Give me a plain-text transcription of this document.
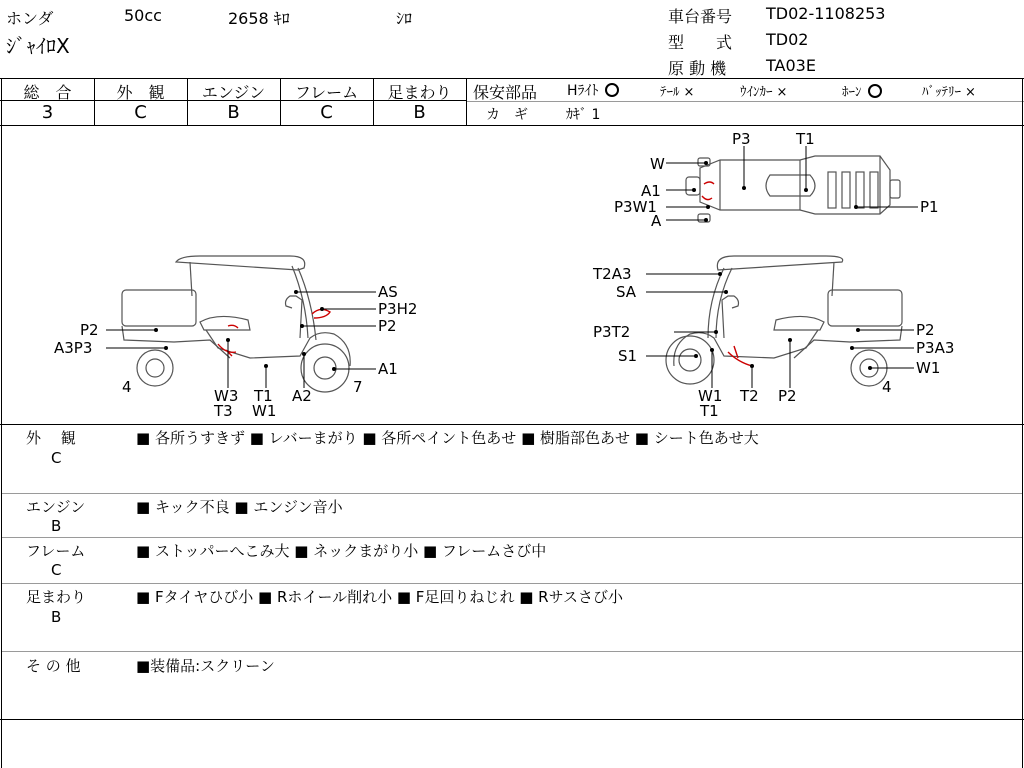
ホンダ	50cc	2658 ｷﾛ	ｼﾛ
ｼﾞｬｲﾛX
車台番号 TD02-1108253
型　　式 TD02
原 動 機 TA03E
総　合	外　観	エンジン	フレーム	足まわり
3	C	B	C	B
保安部品 Hﾗｲﾄ	ﾃｰﾙ ×	ｳｲﾝｶｰ ×	ﾎｰﾝ	ﾊﾞｯﾃﾘｰ ×
カ　ギ	ｶｷﾞ 1
P3	T1
W
A1
P3W1
A
P1
AS
P3H2
P2
P2
A3P3
A1
4	7
W3
T3
T1
W1
A2
T2A3
SA
P3T2
S1
P2
P3A3
W1
4
W1
T1
T2 P2
外　 観
C
■ 各所うすきず ■ レバーまがり ■ 各所ペイント色あせ ■ 樹脂部色あせ ■ シート色あせ大
エンジン
B
■ キック不良 ■ エンジン音小
フレーム
C
■ ストッパーへこみ大 ■ ネックまがり小 ■ フレームさび中
足まわり
B
■ Fタイヤひび小 ■ Rホイール削れ小 ■ F足回りねじれ ■ Rサスさび小
そ の 他	■装備品:スクリーン
